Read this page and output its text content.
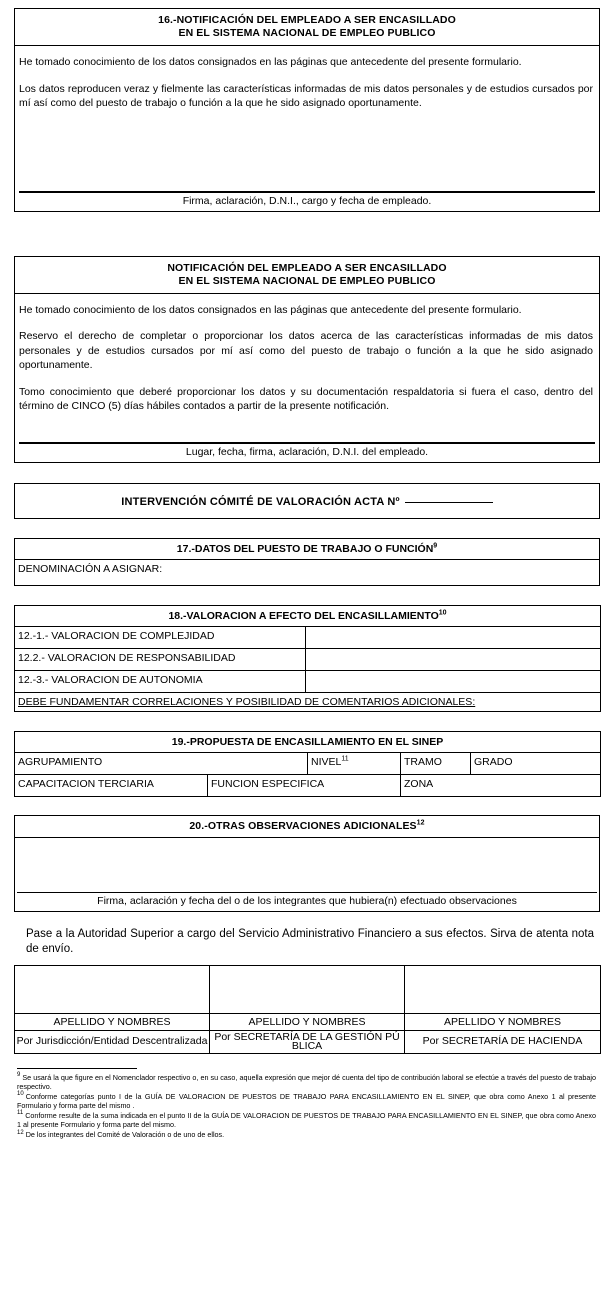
16.-NOTIFICACIÓN DEL EMPLEADO A SER ENCASILLADO
EN EL SISTEMA NACIONAL DE EMPLEO PUBLICO

He tomado conocimiento de los datos consignados en las páginas que antecedente del presente formulario.

Los datos reproducen veraz y fielmente las características informadas de mis datos personales y de estudios cursados por mí así como del puesto de trabajo o función a la que he sido asignado oportunamente.

Firma, aclaración, D.N.I., cargo y fecha de empleado.
NOTIFICACIÓN DEL EMPLEADO A SER ENCASILLADO
EN EL SISTEMA NACIONAL DE EMPLEO PUBLICO

He tomado conocimiento de los datos consignados en las páginas que antecedente del presente formulario.

Reservo el derecho de completar o proporcionar los datos acerca de las características informadas de mis datos personales y de estudios cursados por mí así como del puesto de trabajo o función a la que he sido asignado oportunamente.

Tomo conocimiento que deberé proporcionar los datos y su documentación respaldatoria si fuera el caso, dentro del término de CINCO (5) días hábiles contados a partir de la presente notificación.

Lugar, fecha, firma, aclaración, D.N.I. del empleado.
INTERVENCIÓN CÓMITÉ DE VALORACIÓN ACTA Nº
17.-DATOS DEL PUESTO DE TRABAJO O FUNCIÓN$^9$
DENOMINACIÓN A ASIGNAR:
18.-VALORACION A EFECTO DEL ENCASILLAMIENTO$^{10}$
12.-1.- VALORACION DE COMPLEJIDAD	
12.2.- VALORACION DE RESPONSABILIDAD	
12.-3.- VALORACION DE AUTONOMIA	
DEBE FUNDAMENTAR CORRELACIONES Y POSIBILIDAD DE COMENTARIOS ADICIONALES:	
19.-PROPUESTA DE ENCASILLAMIENTO EN EL SINEP				
AGRUPAMIENTO		NIVEL$^{11}$	TRAMO	GRADO
CAPACITACION TERCIARIA	FUNCION ESPECIFICA		ZONA	
20.-OTRAS OBSERVACIONES ADICIONALES$^{12}$
Firma, aclaración y fecha del o de los integrantes que hubiera(n) efectuado observaciones

Pase a la Autoridad Superior a cargo del Servicio Administrativo Financiero a sus efectos. Sirva de atenta nota de envío.

APELLIDO Y NOMBRES	APELLIDO Y NOMBRES	APELLIDO Y NOMBRES
Por Jurisdicción/Entidad Descentralizada	Por SECRETARÍA DE LA GESTIÓN PÚ BLICA	Por SECRETARÍA DE HACIENDA

$^9$ Se usará la que figure en el Nomenclador respectivo o, en su caso, aquella expresión que mejor dé cuenta del tipo de contribución laboral se efectúe a través del puesto de trabajo respectivo.

$^{10}$ Conforme categorías punto I de la GUÍA DE VALORACION DE PUESTOS DE TRABAJO PARA ENCASILLAMIENTO EN EL SINEP, que obra como Anexo 1 al presente Formulario y forma parte del mismo .

$^{11}$ Conforme resulte de la suma indicada en el punto II de la GUÍA DE VALORACION DE PUESTOS DE TRABAJO PARA ENCASILLAMIENTO EN EL SINEP, que obra como Anexo 1 al presente Formulario y forma parte del mismo.

$^{12}$ De los integrantes del Comité de Valoración o de uno de ellos.
